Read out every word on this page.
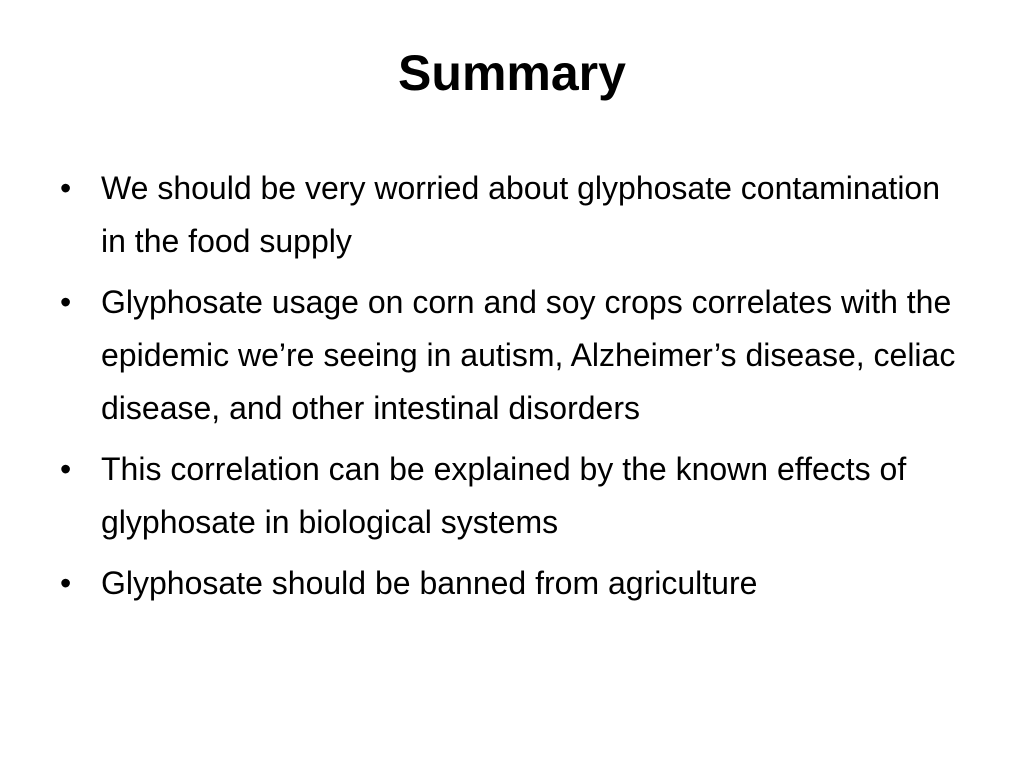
Summary
• We should be very worried about glyphosate contamination in the food supply
• Glyphosate usage on corn and soy crops correlates with the epidemic we’re seeing in autism, Alzheimer’s disease, celiac disease, and other intestinal disorders
• This correlation can be explained by the known effects of glyphosate in biological systems
• Glyphosate should be banned from agriculture
